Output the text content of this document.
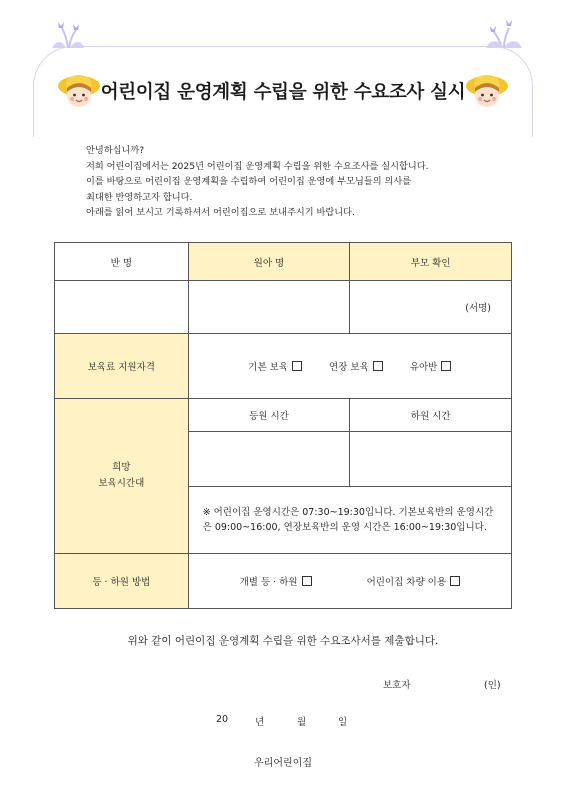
어린이집 운영계획 수립을 위한 수요조사 실시
안녕하십니까?
저희 어린이집에서는 2025년 어린이집 운영계획 수립을 위한 수요조사를 실시합니다.
이를 바탕으로 어린이집 운영계획을 수립하여 어린이집 운영에 부모님들의 의사를
최대한 반영하고자 합니다.
아래를 읽어 보시고 기록하셔서 어린이집으로 보내주시기 바랍니다.
반 명	원아 명	부모 확인
		(서명)
보육료 지원자격	기본 보육 연장 보육 유아반	

희망
보육시간대	등원 시간	하원 시간

	※ 어린이집 운영시간은 07:30~19:30입니다. 기본보육반의 운영시간은 09:00~16:00, 연장보육반의 운영 시간은 16:00~19:30입니다.	
등 · 하원 방법	개별 등 · 하원 어린이집 차량 이용	
위와 같이 어린이집 운영계획 수립을 위한 수요조사서를 제출합니다.
보호자	(인)
20	년	월	일
우리어린이집
